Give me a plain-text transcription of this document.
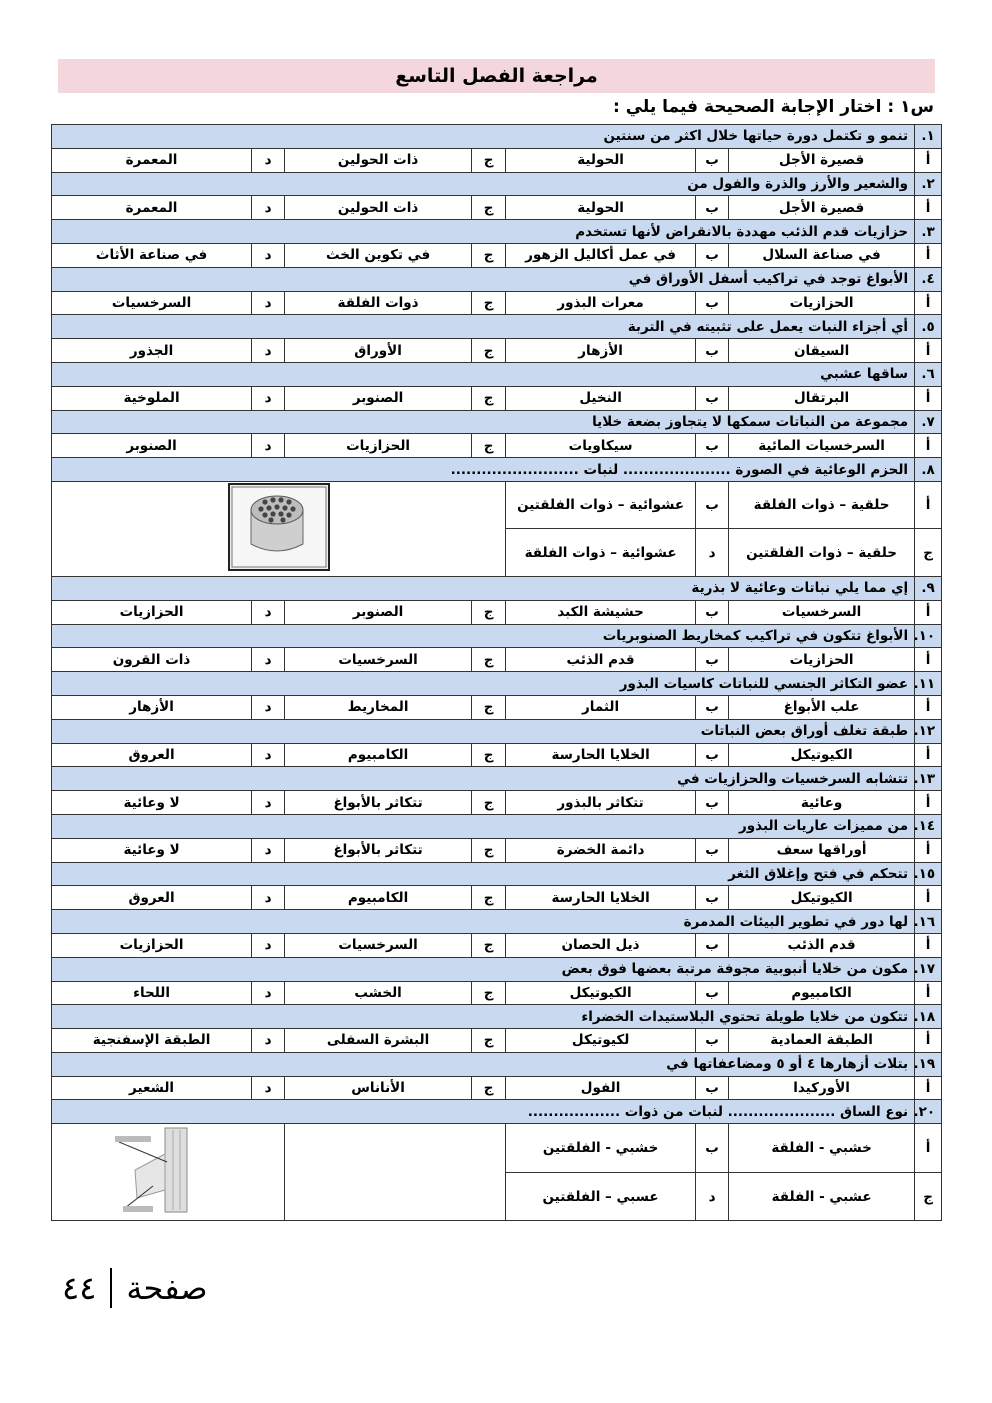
مراجعة الفصل التاسع
س١ : اختار الإجابة الصحيحة فيما يلي :
١.	تنمو و تكتمل دورة حياتها خلال اكثر من سنتين						
أ	قصيرة الأجل	ب	الحولية	ج	ذات الحولين	د	المعمرة
٢.	والشعير والأرز والذرة والفول من						
أ	قصيرة الأجل	ب	الحولية	ج	ذات الحولين	د	المعمرة
٣.	حزازيات قدم الذئب مهددة بالانقراض لأنها تستخدم						
أ	في صناعة السلال	ب	في عمل أكاليل الزهور	ج	في تكوين الخث	د	في صناعة الأثاث
٤.	الأبواغ توجد في تراكيب أسفل الأوراق في						
أ	الحزازيات	ب	معرات البذور	ج	ذوات الفلقة	د	السرخسيات
٥.	أي أجزاء النبات يعمل على تثبيته في التربة						
أ	السيقان	ب	الأزهار	ج	الأوراق	د	الجذور
٦.	ساقها عشبي						
أ	البرتقال	ب	النخيل	ج	الصنوبر	د	الملوخية
٧.	مجموعة من النباتات سمكها لا يتجاوز بضعة خلايا						
أ	السرخسيات المائية	ب	سيكاويات	ج	الحزازيات	د	الصنوبر
٨.	الحزم الوعائية في الصورة ..................... لنبات .........................						
أ	حلقية – ذوات الفلقة	ب	عشوائية – ذوات الفلقتين	
ج	حلقية – ذوات الفلقتين	د	عشوائية – ذوات الفلقة				
٩.	إي مما يلي نباتات وعائية لا بذرية						
أ	السرخسيات	ب	حشيشة الكبد	ج	الصنوبر	د	الحزازيات
١٠.	الأبواغ تتكون في تراكيب كمخاريط الصنوبريات						
أ	الحزازيات	ب	قدم الذئب	ج	السرخسيات	د	ذات القرون
١١.	عضو التكاثر الجنسي للنباتات كاسيات البذور						
أ	علب الأبواغ	ب	الثمار	ج	المخاريط	د	الأزهار
١٢.	طبقة تغلف أوراق بعض النباتات						
أ	الكيوتيكل	ب	الخلايا الحارسة	ج	الكامبيوم	د	العروق
١٣.	تتشابه السرخسيات والحزازيات في						
أ	وعائية	ب	تتكاثر بالبذور	ج	تتكاثر بالأبواغ	د	لا وعائية
١٤.	من مميزات عاريات البذور						
أ	أوراقها سعف	ب	دائمة الخضرة	ج	تتكاثر بالأبواغ	د	لا وعائية
١٥.	تتحكم في فتح وإغلاق الثغر						
أ	الكيوتيكل	ب	الخلايا الحارسة	ج	الكامبيوم	د	العروق
١٦.	لها دور في تطوير البيئات المدمرة						
أ	قدم الذئب	ب	ذيل الحصان	ج	السرخسيات	د	الحزازيات
١٧.	مكون من خلايا أنبوبية مجوفة مرتبة بعضها فوق بعض						
أ	الكامبيوم	ب	الكيوتيكل	ج	الخشب	د	اللحاء
١٨.	تتكون من خلايا طويلة تحتوي البلاستيدات الخضراء						
أ	الطبقة العمادية	ب	لكيوتيكل	ج	البشرة السفلى	د	الطبقة الإسفنجية
١٩.	بتلات أزهارها ٤ أو ٥ ومضاعفاتها في						
أ	الأوركيدا	ب	الفول	ج	الأناناس	د	الشعير
٢٠.	نوع الساق ..................... لنبات من ذوات ..................						
أ	خشبي - الفلقة	ب	خشبي - الفلقتين		
ج	عشبي - الفلقة	د	عسبي – الفلقتين				
٤٤ صفحة
